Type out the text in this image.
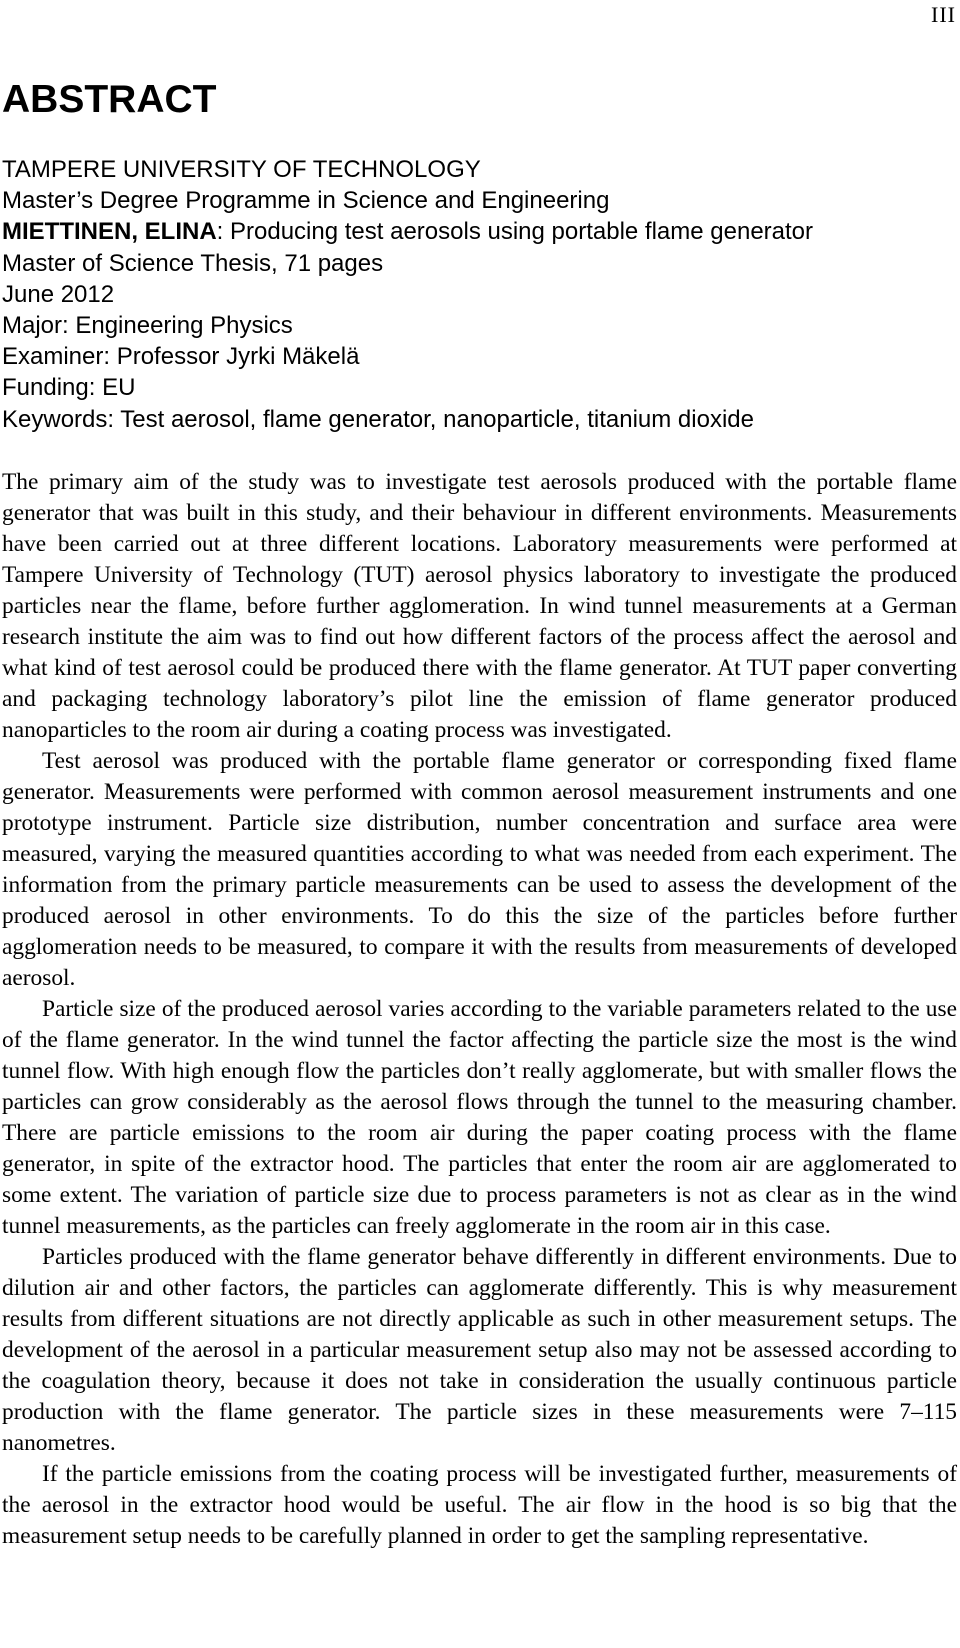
III
ABSTRACT
TAMPERE UNIVERSITY OF TECHNOLOGY
Master’s Degree Programme in Science and Engineering
MIETTINEN, ELINA: Producing test aerosols using portable flame generator
Master of Science Thesis, 71 pages
June 2012
Major: Engineering Physics
Examiner: Professor Jyrki Mäkelä
Funding: EU
Keywords: Test aerosol, flame generator, nanoparticle, titanium dioxide

The primary aim of the study was to investigate test aerosols produced with the portable flame generator that was built in this study, and their behaviour in different environments. Measurements have been carried out at three different locations. Laboratory measurements were performed at Tampere University of Technology (TUT) aerosol physics laboratory to investigate the produced particles near the flame, before further agglomeration. In wind tunnel measurements at a German research institute the aim was to find out how different factors of the process affect the aerosol and what kind of test aerosol could be produced there with the flame generator. At TUT paper converting and packaging technology laboratory’s pilot line the emission of flame generator produced nanoparticles to the room air during a coating process was investigated.

Test aerosol was produced with the portable flame generator or corresponding fixed flame generator. Measurements were performed with common aerosol measurement instruments and one prototype instrument. Particle size distribution, number concentration and surface area were measured, varying the measured quantities according to what was needed from each experiment. The information from the primary particle measurements can be used to assess the development of the produced aerosol in other environments. To do this the size of the particles before further agglomeration needs to be measured, to compare it with the results from measurements of developed aerosol.

Particle size of the produced aerosol varies according to the variable parameters related to the use of the flame generator. In the wind tunnel the factor affecting the particle size the most is the wind tunnel flow. With high enough flow the particles don’t really agglomerate, but with smaller flows the particles can grow considerably as the aerosol flows through the tunnel to the measuring chamber. There are particle emissions to the room air during the paper coating process with the flame generator, in spite of the extractor hood. The particles that enter the room air are agglomerated to some extent. The variation of particle size due to process parameters is not as clear as in the wind tunnel measurements, as the particles can freely agglomerate in the room air in this case.

Particles produced with the flame generator behave differently in different environments. Due to dilution air and other factors, the particles can agglomerate differently. This is why measurement results from different situations are not directly applicable as such in other measurement setups. The development of the aerosol in a particular measurement setup also may not be assessed according to the coagulation theory, because it does not take in consideration the usually continuous particle production with the flame generator. The particle sizes in these measurements were 7–115 nanometres.

If the particle emissions from the coating process will be investigated further, measurements of the aerosol in the extractor hood would be useful. The air flow in the hood is so big that the measurement setup needs to be carefully planned in order to get the sampling representative.
